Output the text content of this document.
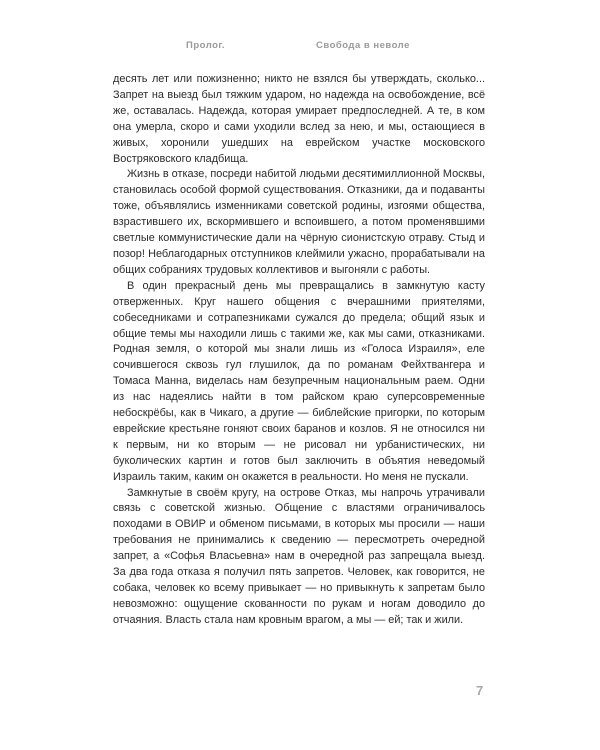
Пролог.	Свобода в неволе

десять лет или пожизненно; никто не взялся бы утверждать, сколько... Запрет на выезд был тяжким ударом, но надежда на освобождение, всё же, оставалась. Надежда, которая умирает предпоследней. А те, в ком она умерла, скоро и сами уходили вслед за нею, и мы, остающиеся в живых, хоронили ушедших на еврейском участке московского Востряковского кладбища.

Жизнь в отказе, посреди набитой людьми десятимиллионной Москвы, становилась особой формой существования. Отказники, да и подаванты тоже, объявлялись изменниками советской родины, изгоями общества, взрастившего их, вскормившего и вспоившего, а потом променявшими светлые коммунистические дали на чёрную сионистскую отраву. Стыд и позор! Неблагодарных отступников клеймили ужасно, прорабатывали на общих собраниях трудовых коллективов и выгоняли с работы.

В один прекрасный день мы превращались в замкнутую касту отверженных. Круг нашего общения с вчерашними приятелями, собеседниками и сотрапезниками сужался до предела; общий язык и общие темы мы находили лишь с такими же, как мы сами, отказниками. Родная земля, о которой мы знали лишь из «Голоса Израиля», еле сочившегося сквозь гул глушилок, да по романам Фейхтвангера и Томаса Манна, виделась нам безупречным национальным раем. Одни из нас надеялись найти в том райском краю суперсовременные небоскрёбы, как в Чикаго, а другие — библейские пригорки, по которым еврейские крестьяне гоняют своих баранов и козлов. Я не относился ни к первым, ни ко вторым — не рисовал ни урбанистических, ни буколических картин и готов был заключить в объятия неведомый Израиль таким, каким он окажется в реальности. Но меня не пускали.

Замкнутые в своём кругу, на острове Отказ, мы напрочь утрачивали связь с советской жизнью. Общение с властями ограничивалось походами в ОВИР и обменом письмами, в которых мы просили — наши требования не принимались к сведению — пересмотреть очередной запрет, а «Софья Власьевна» нам в очередной раз запрещала выезд. За два года отказа я получил пять запретов. Человек, как говорится, не собака, человек ко всему привыкает — но привыкнуть к запретам было невозможно: ощущение скованности по рукам и ногам доводило до отчаяния. Власть стала нам кровным врагом, а мы — ей; так и жили.

7
